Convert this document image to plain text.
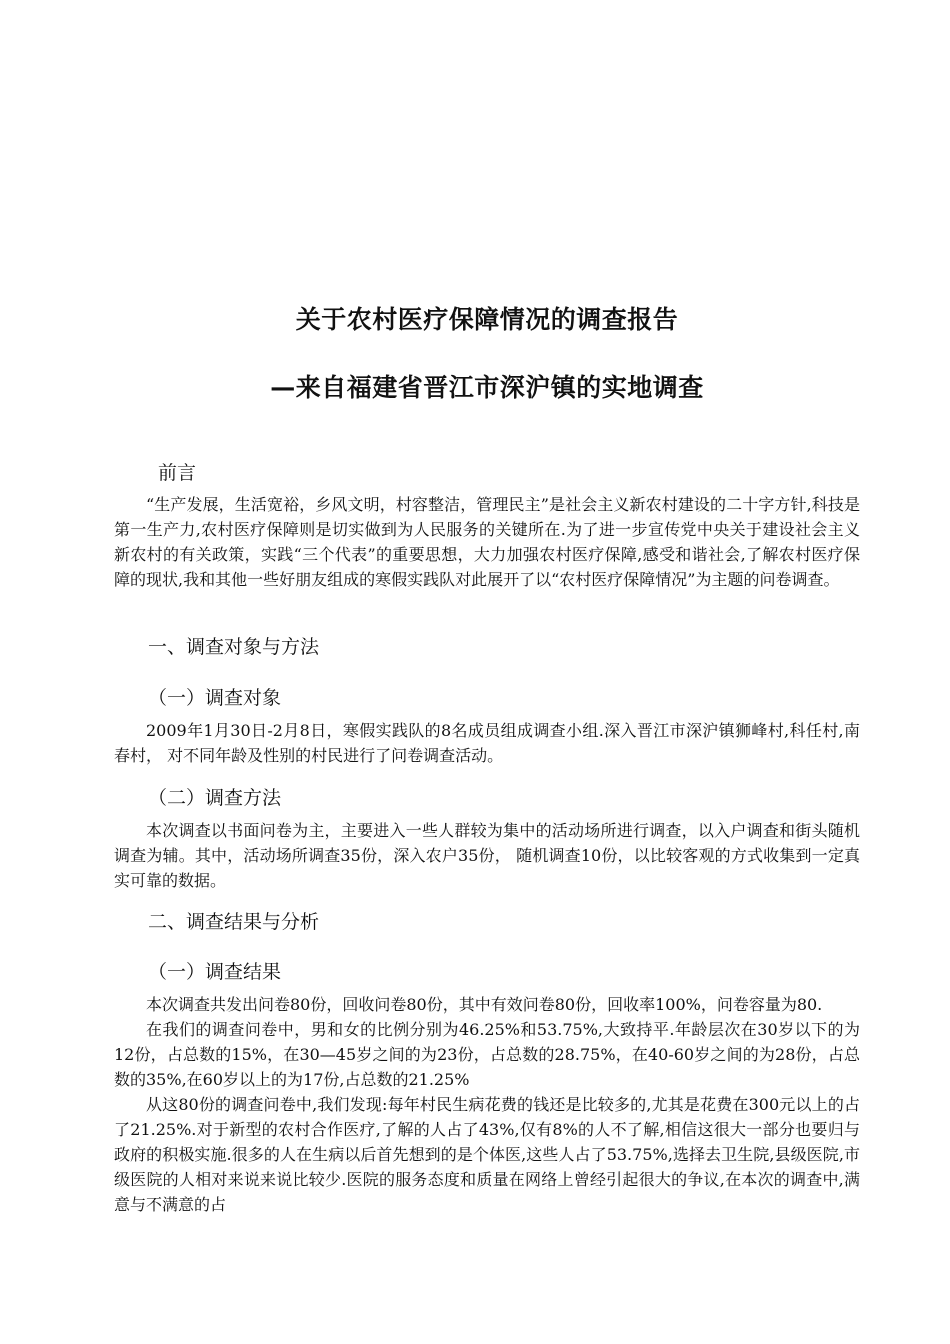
关于农村医疗保障情况的调查报告
—来自福建省晋江市深沪镇的实地调查
前言

“生产发展，生活宽裕，乡风文明，村容整洁，管理民主”是社会主义新农村建设的二十字方针,科技是第一生产力,农村医疗保障则是切实做到为人民服务的关键所在.为了进一步宣传党中央关于建设社会主义新农村的有关政策，实践“三个代表”的重要思想，大力加强农村医疗保障,感受和谐社会,了解农村医疗保障的现状,我和其他一些好朋友组成的寒假实践队对此展开了以“农村医疗保障情况”为主题的问卷调查。

一、调查对象与方法
（一）调查对象

2009年1月30日-2月8日，寒假实践队的8名成员组成调查小组.深入晋江市深沪镇狮峰村,科任村,南春村， 对不同年龄及性别的村民进行了问卷调查活动。

（二）调查方法

本次调查以书面问卷为主，主要进入一些人群较为集中的活动场所进行调查，以入户调查和街头随机调查为辅。其中，活动场所调查35份，深入农户35份， 随机调查10份，以比较客观的方式收集到一定真实可靠的数据。

二、调查结果与分析
（一）调查结果

本次调查共发出问卷80份，回收问卷80份，其中有效问卷80份，回收率100%，问卷容量为80.

在我们的调查问卷中，男和女的比例分别为46.25%和53.75%,大致持平.年龄层次在30岁以下的为12份，占总数的15%，在30—45岁之间的为23份，占总数的28.75%，在40-60岁之间的为28份，占总数的35%,在60岁以上的为17份,占总数的21.25%

从这80份的调查问卷中,我们发现:每年村民生病花费的钱还是比较多的,尤其是花费在300元以上的占了21.25%.对于新型的农村合作医疗,了解的人占了43%,仅有8%的人不了解,相信这很大一部分也要归与政府的积极实施.很多的人在生病以后首先想到的是个体医,这些人占了53.75%,选择去卫生院,县级医院,市级医院的人相对来说来说比较少.医院的服务态度和质量在网络上曾经引起很大的争议,在本次的调查中,满意与不满意的占
